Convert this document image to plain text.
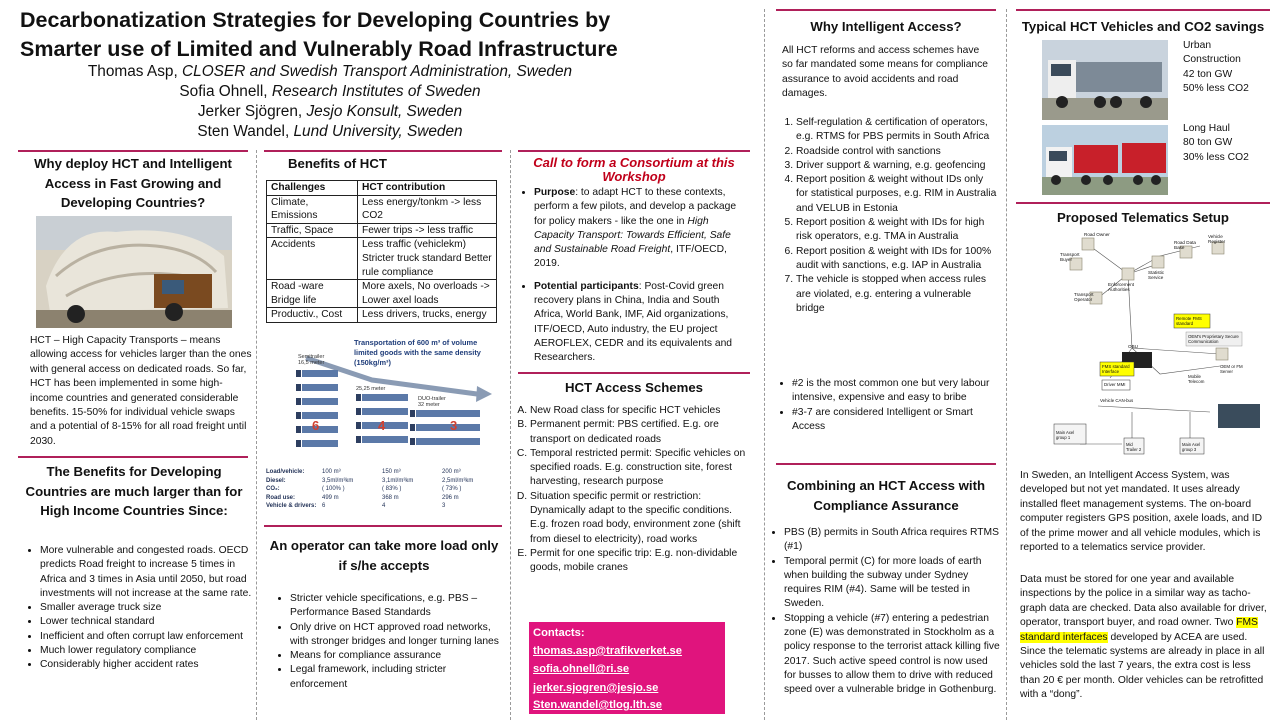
Decarbonatization Strategies for Developing Countries by
Smarter use of Limited and Vulnerably Road Infrastructure
Thomas Asp, CLOSER and Swedish Transport Administration, Sweden
Sofia Ohnell, Research Institutes of Sweden
Jerker Sjögren, Jesjo Konsult, Sweden
Sten Wandel, Lund University, Sweden
Why deploy HCT and Intelligent Access in Fast Growing and Developing Countries?
HCT – High Capacity Transports – means allowing access for vehicles larger than the ones with general access on dedicated roads. So far, HCT has been implemented in some high-income countries and generated considerable benefits. 15-50% for individual vehicle swaps and a potential of 8-15% for all road freight until 2030.
The Benefits for Developing Countries are much larger than for High Income Countries Since:
• More vulnerable and congested roads. OECD predicts Road freight to increase 5 times in Africa and 3 times in Asia until 2050, but road investments will not increase at the same rate.
• Smaller average truck size
• Lower technical standard
• Inefficient and often corrupt law enforcement
• Much lower regulatory compliance
• Considerably higher accident rates
Benefits of HCT
Challenges	HCT contribution
Climate, Emissions	Less energy/tonkm -> less CO2
Traffic, Space	Fewer trips -> less traffic
Accidents	Less traffic (vehiclekm) Stricter truck standard Better rule compliance
Road -ware Bridge life	More axels, No overloads -> Lower axel loads
Productiv., Cost	Less drivers, trucks, energy
Transportation of 600 m³ of volume limited goods with the same density (150kg/m³)
Semitrailer
16,5 meter
25,25 meter
DUO-trailer
32 meter
6	4	3
Load/vehicle:	100 m³	150 m³	200 m³
Diesel:	3,5ml/m³km	3,1ml/m³km	2,5ml/m³km
CO₂:	( 100% )	( 83% )	( 73% )
Road use:	499 m	368 m	296 m
Vehicle & drivers: 6	4	3
An operator can take more load only if s/he accepts
• Stricter vehicle specifications, e.g. PBS – Performance Based Standards
• Only drive on HCT approved road networks, with stronger bridges and longer turning lanes
• Means for compliance assurance
• Legal framework, including stricter enforcement
Call to form a Consortium at this Workshop
• Purpose: to adapt HCT to these contexts, perform a few pilots, and develop a package for policy makers - like the one in High Capacity Transport: Towards Efficient, Safe and Sustainable Road Freight, ITF/OECD, 2019.
• Potential participants: Post-Covid green recovery plans in China, India and South Africa, World Bank, IMF, Aid organizations, ITF/OECD, Auto industry, the EU project AEROFLEX, CEDR and its equivalents and Researchers.
HCT Access Schemes
A. New Road class for specific HCT vehicles
B. Permanent permit: PBS certified. E.g. ore transport on dedicated roads
C. Temporal restricted permit: Specific vehicles on specified roads. E.g. construction site, forest harvesting, research purpose
D. Situation specific permit or restriction: Dynamically adapt to the specific conditions. E.g. frozen road body, environment zone (shift from diesel to electricity), road works
E. Permit for one specific trip: E.g. non-dividable goods, mobile cranes
Contacts:
thomas.asp@trafikverket.se
sofia.ohnell@ri.se
jerker.sjogren@jesjo.se
Sten.wandel@tlog.lth.se
Why Intelligent Access?
All HCT reforms and access schemes have so far mandated some means for compliance assurance to avoid accidents and road damages.
1. Self-regulation & certification of operators, e.g. RTMS for PBS permits in South Africa
2. Roadside control with sanctions
3. Driver support & warning, e.g. geofencing
4. Report position & weight without IDs only for statistical purposes, e.g. RIM in Australia and VELUB in Estonia
5. Report position & weight with IDs for high risk operators, e.g. TMA in Australia
6. Report position & weight with IDs for 100% audit with sanctions, e.g. IAP in Australia
7. The vehicle is stopped when access rules are violated, e.g. entering a vulnerable bridge
• #2 is the most common one but very labour intensive, expensive and easy to bribe
• #3-7 are considered Intelligent or Smart Access
Combining an HCT Access with Compliance Assurance
• PBS (B) permits in South Africa requires RTMS (#1)
• Temporal permit (C) for more loads of earth when building the subway under Sydney requires RIM (#4). Same will be tested in Sweden.
• Stopping a vehicle (#7) entering a pedestrian zone (E) was demonstrated in Stockholm as a policy response to the terrorist attack killing five 2017. Such active speed control is now used for busses to allow them to drive with reduced speed over a vulnerable bridge in Gothenburg.
Typical HCT Vehicles and CO2 savings
Urban
Construction
42 ton GW
50% less CO2
Long Haul
80 ton GW
30% less CO2
Proposed Telematics Setup
Road Owner
Transport Buyer
Enforcement Authorities
Statistic Service
Road Data Base
Vehicle Register
Transport Operator
Remote FMS standard
OBU
FMS standard Interface
Driver MMI
OEM's Proprietary Secure Communication
Mobile Telecom
OEM or FM Server
Vehicle CAN-bus
Main Axel group 1
Mid Trailer 2
Main Axel group 3
In Sweden, an Intelligent Access System, was developed but not yet mandated. It uses already installed fleet management systems. The on-board computer registers GPS position, axele loads, and ID of the prime mower and all vehicle modules, which is reported to a telematics service provider.
Data must be stored for one year and available inspections by the police in a similar way as tacho-graph data are checked. Data also available for driver, operator, transport buyer, and road owner. Two FMS standard interfaces developed by ACEA are used. Since the telematic systems are already in place in all vehicles sold the last 7 years, the extra cost is less than 20 € per month. Older vehicles can be retrofitted with a “dong”.
